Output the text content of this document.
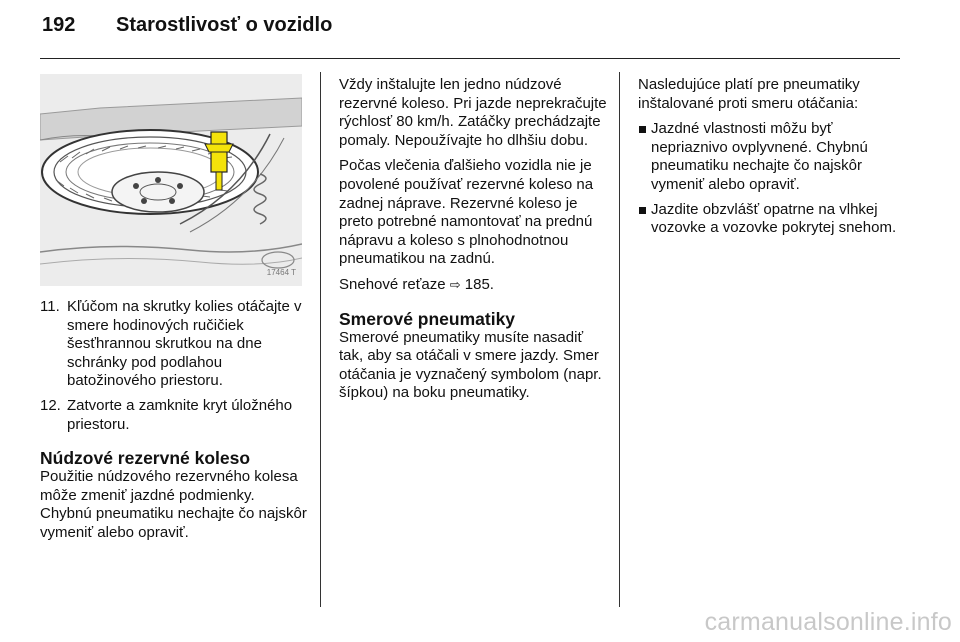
192	Starostlivosť o vozidlo
17464 T
11. Kľúčom na skrutky kolies otáčajte v smere hodinových ručičiek šesťhrannou skrutkou na dne schránky pod podlahou batožinového priestoru.
12. Zatvorte a zamknite kryt úložného priestoru.
Núdzové rezervné koleso

Použitie núdzového rezervného kolesa môže zmeniť jazdné podmienky. Chybnú pneumatiku nechajte čo najskôr vymeniť alebo opraviť.

Vždy inštalujte len jedno núdzové rezervné koleso. Pri jazde neprekračujte rýchlosť 80 km/h. Zatáčky prechádzajte pomaly. Nepoužívajte ho dlhšiu dobu.

Počas vlečenia ďalšieho vozidla nie je povolené používať rezervné koleso na zadnej náprave. Rezervné koleso je preto potrebné namontovať na prednú nápravu a koleso s plnohodnotnou pneumatikou na zadnú.

Snehové reťaze ⇨ 185.

Smerové pneumatiky

Smerové pneumatiky musíte nasadiť tak, aby sa otáčali v smere jazdy. Smer otáčania je vyznačený symbolom (napr. šípkou) na boku pneumatiky.

Nasledujúce platí pre pneumatiky inštalované proti smeru otáčania:

Jazdné vlastnosti môžu byť nepriaznivo ovplyvnené. Chybnú pneumatiku nechajte čo najskôr vymeniť alebo opraviť.
Jazdite obzvlášť opatrne na vlhkej vozovke a vozovke pokrytej snehom.
carmanualsonline.info
